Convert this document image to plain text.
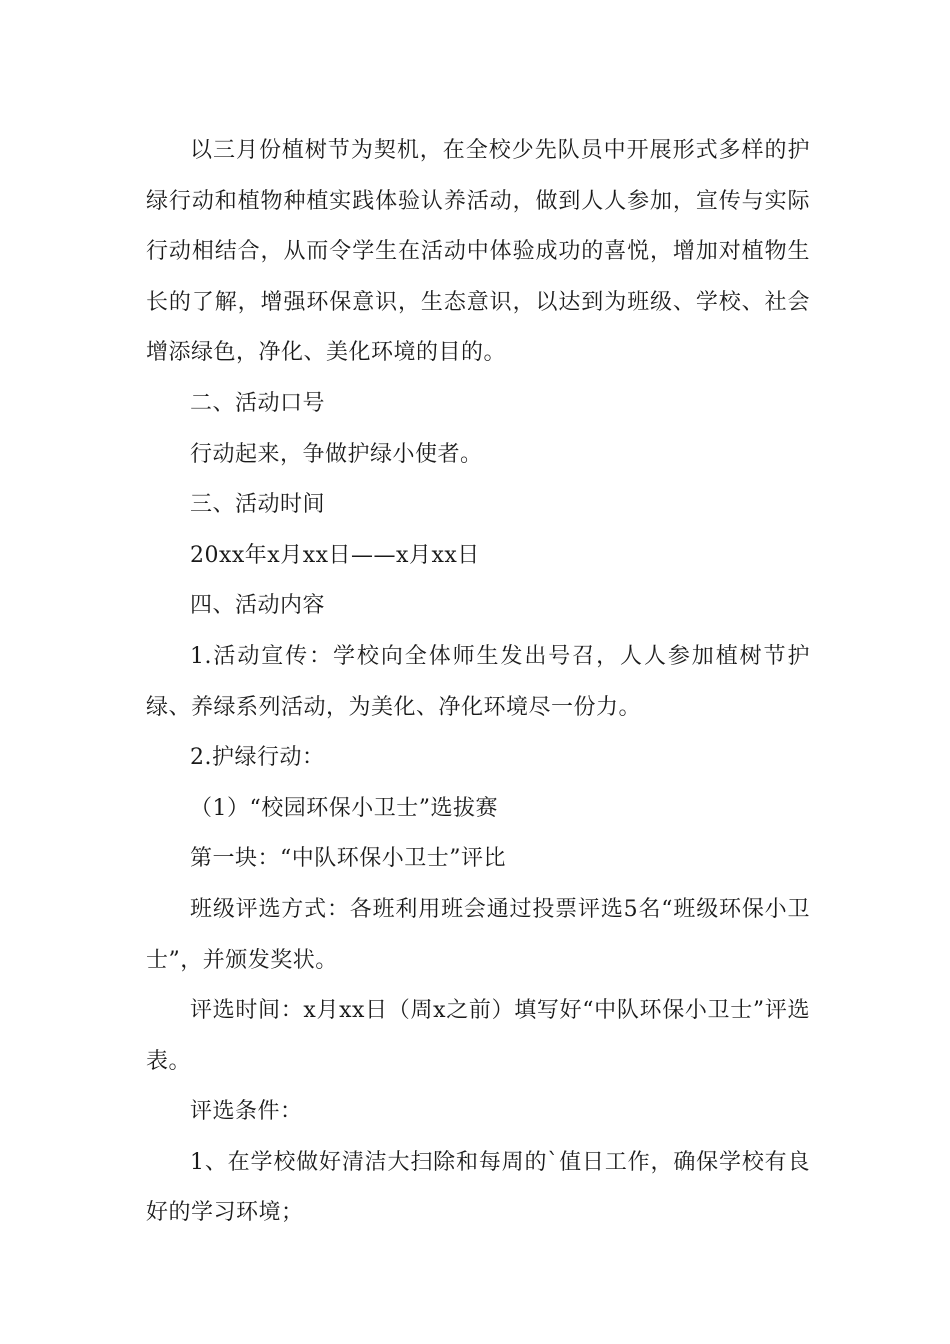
以三月份植树节为契机，在全校少先队员中开展形式多样的护绿行动和植物种植实践体验认养活动，做到人人参加，宣传与实际行动相结合，从而令学生在活动中体验成功的喜悦，增加对植物生长的了解，增强环保意识，生态意识，以达到为班级、学校、社会增添绿色，净化、美化环境的目的。

二、活动口号

行动起来，争做护绿小使者。

三、活动时间

20xx年x月xx日——x月xx日

四、活动内容

1.活动宣传：学校向全体师生发出号召，人人参加植树节护绿、养绿系列活动，为美化、净化环境尽一份力。

2.护绿行动：

（1）“校园环保小卫士”选拔赛

第一块：“中队环保小卫士”评比

班级评选方式：各班利用班会通过投票评选5名“班级环保小卫士”，并颁发奖状。

评选时间：x月xx日（周x之前）填写好“中队环保小卫士”评选表。

评选条件：

1、在学校做好清洁大扫除和每周的`值日工作，确保学校有良好的学习环境；
